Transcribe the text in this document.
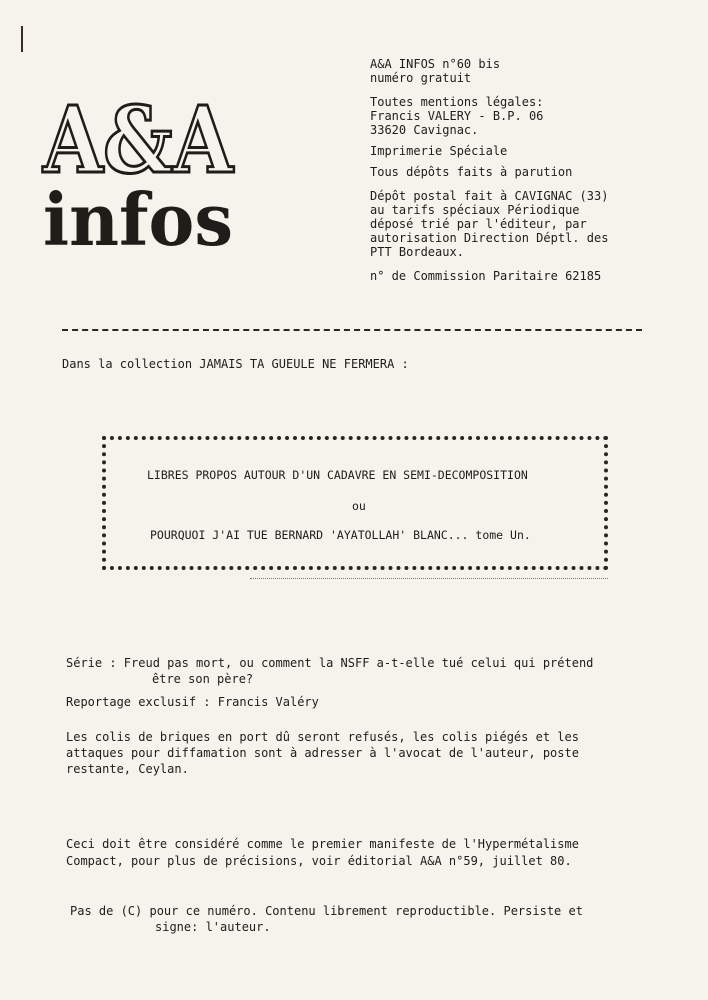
A&A
infos
A&A INFOS n°60 bis
numéro gratuit
Toutes mentions légales:
Francis VALERY - B.P. 06
33620 Cavignac.
Imprimerie Spéciale
Tous dépôts faits à parution
Dépôt postal fait à CAVIGNAC (33)
au tarifs spéciaux Périodique
déposé trié par l'éditeur, par
autorisation Direction Déptl. des
PTT Bordeaux.
n° de Commission Paritaire 62185
Dans la collection JAMAIS TA GUEULE NE FERMERA :
LIBRES PROPOS AUTOUR D'UN CADAVRE EN SEMI-DECOMPOSITION
ou
POURQUOI J'AI TUE BERNARD 'AYATOLLAH' BLANC... tome Un.
Série : Freud pas mort, ou comment la NSFF a-t-elle tué celui qui prétend
être son père?
Reportage exclusif : Francis Valéry
Les colis de briques en port dû seront refusés, les colis piégés et les
attaques pour diffamation sont à adresser à l'avocat de l'auteur, poste
restante, Ceylan.
Ceci doit être considéré comme le premier manifeste de l'Hypermétalisme
Compact, pour plus de précisions, voir éditorial A&A n°59, juillet 80.
Pas de (C) pour ce numéro. Contenu librement reproductible. Persiste et
signe: l'auteur.
